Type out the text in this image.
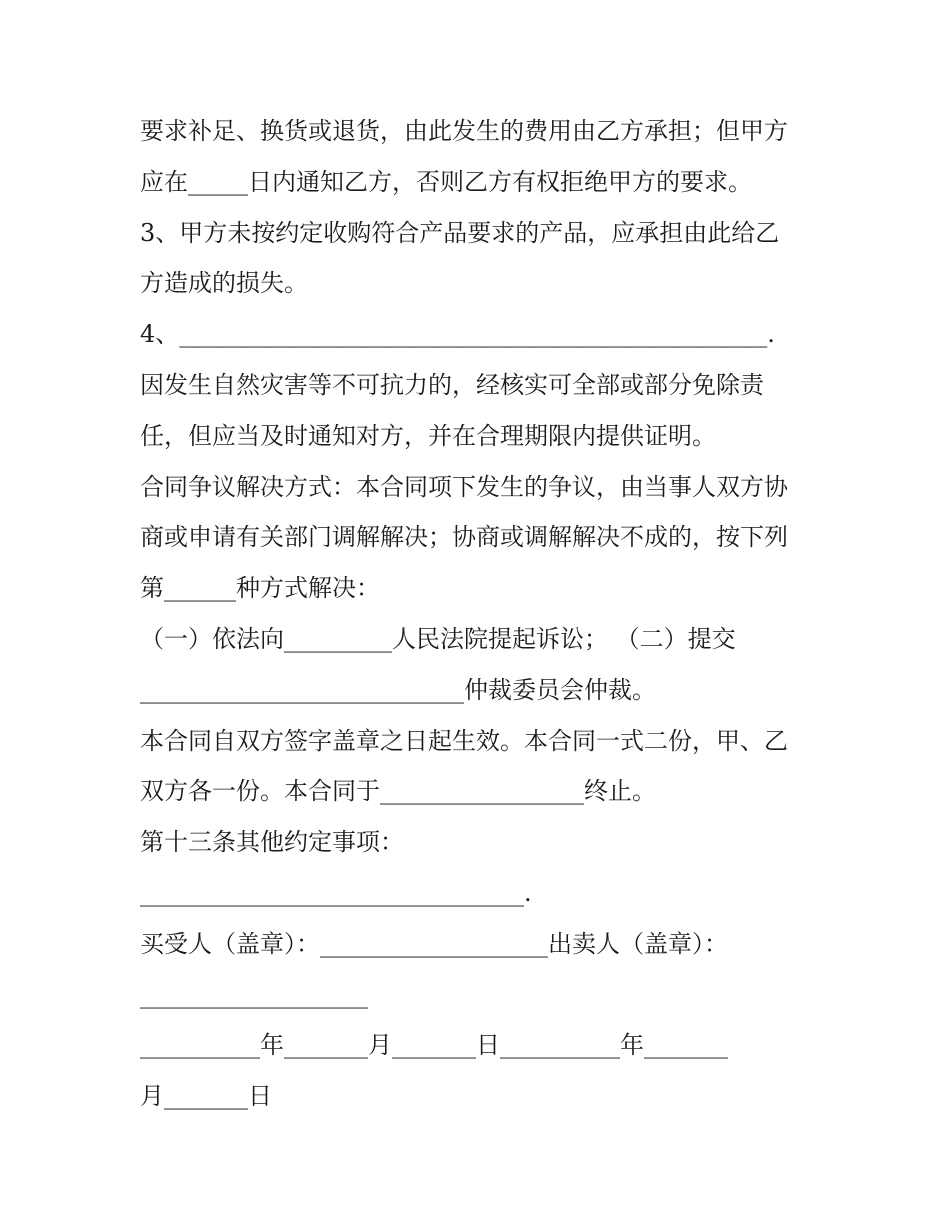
要求补足、换货或退货，由此发生的费用由乙方承担；但甲方
应在_____日内通知乙方，否则乙方有权拒绝甲方的要求。
3、甲方未按约定收购符合产品要求的产品，应承担由此给乙
方造成的损失。
4、_________________________________________________.
因发生自然灾害等不可抗力的，经核实可全部或部分免除责
任，但应当及时通知对方，并在合理期限内提供证明。
合同争议解决方式：本合同项下发生的争议，由当事人双方协
商或申请有关部门调解解决；协商或调解解决不成的，按下列
第______种方式解决：
（一）依法向_________人民法院提起诉讼； （二）提交
___________________________仲裁委员会仲裁。
本合同自双方签字盖章之日起生效。本合同一式二份，甲、乙
双方各一份。本合同于_________________终止。
第十三条其他约定事项：
________________________________.
买受人（盖章）：___________________出卖人（盖章）：
___________________
__________年_______月_______日__________年_______
月_______日
